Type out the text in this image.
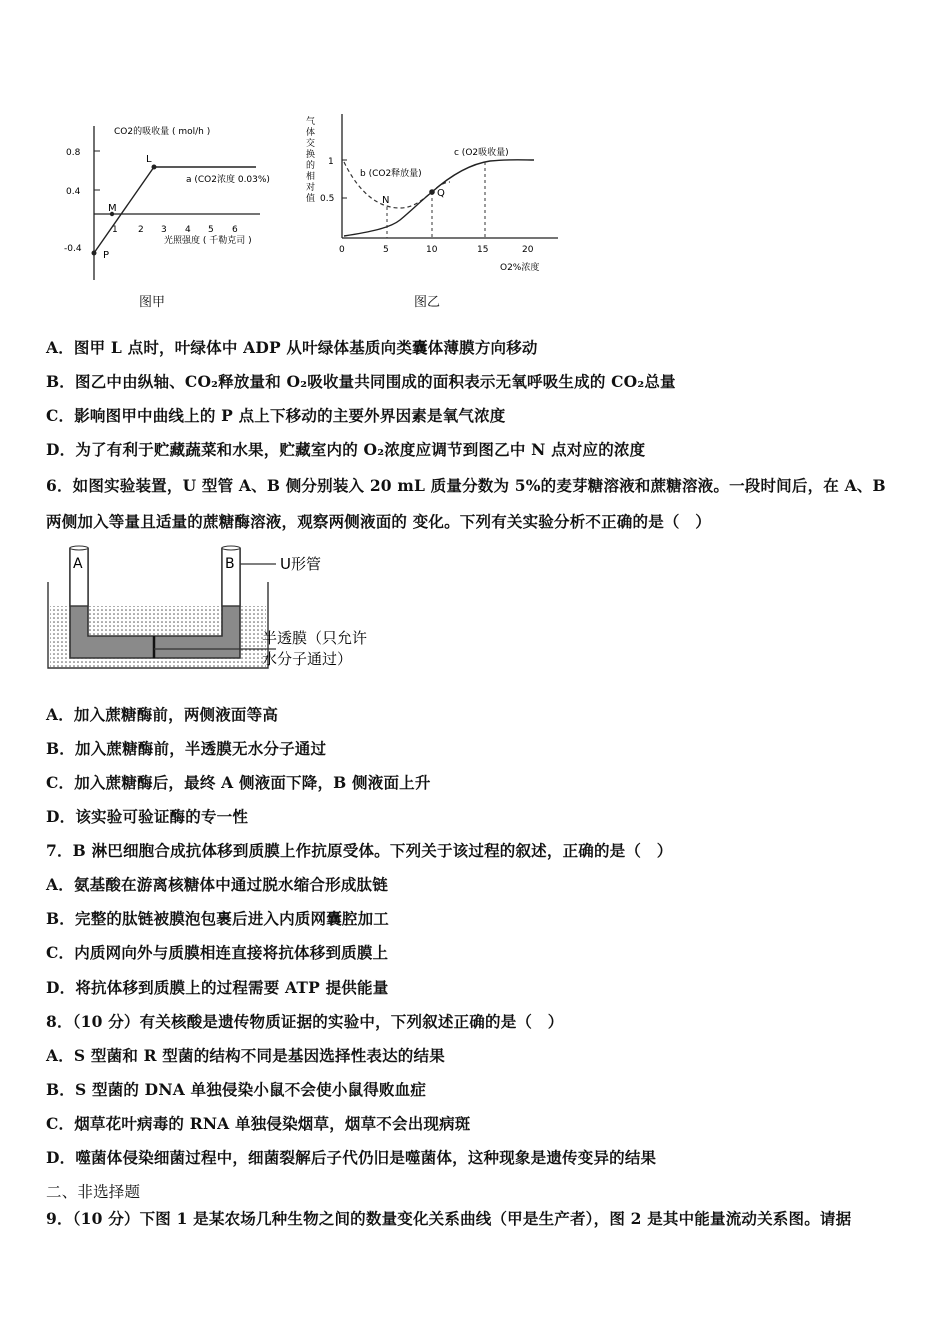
CO2的吸收量 ( mol/h )
0.8
0.4
-0.4
1 2 3 4 5 6
光照强度 ( 千勒克司 )
L
M
P
a (CO2浓度 0.03%)
图甲
气
体
交
换
的
相
对
值
1
0.5
0	5	10	15	20
O2%浓度
N
Q
b (CO2释放量)
c (O2吸收量)
图乙
A．图甲 L 点时，叶绿体中 ADP 从叶绿体基质向类囊体薄膜方向移动
B．图乙中由纵轴、CO₂释放量和 O₂吸收量共同围成的面积表示无氧呼吸生成的 CO₂总量
C．影响图甲中曲线上的 P 点上下移动的主要外界因素是氧气浓度
D．为了有利于贮藏蔬菜和水果，贮藏室内的 O₂浓度应调节到图乙中 N 点对应的浓度
6．如图实验装置，U 型管 A、B 侧分别装入 20 mL 质量分数为 5%的麦芽糖溶液和蔗糖溶液。一段时间后，在 A、B
两侧加入等量且适量的蔗糖酶溶液，观察两侧液面的 变化。下列有关实验分析不正确的是（　）
A	B	U形管
半透膜（只允许
水分子通过）
A．加入蔗糖酶前，两侧液面等高
B．加入蔗糖酶前，半透膜无水分子通过
C．加入蔗糖酶后，最终 A 侧液面下降，B 侧液面上升
D．该实验可验证酶的专一性
7．B 淋巴细胞合成抗体移到质膜上作抗原受体。下列关于该过程的叙述，正确的是（　）
A．氨基酸在游离核糖体中通过脱水缩合形成肽链
B．完整的肽链被膜泡包裹后进入内质网囊腔加工
C．内质网向外与质膜相连直接将抗体移到质膜上
D．将抗体移到质膜上的过程需要 ATP 提供能量
8．（10 分）有关核酸是遗传物质证据的实验中，下列叙述正确的是（　）
A．S 型菌和 R 型菌的结构不同是基因选择性表达的结果
B．S 型菌的 DNA 单独侵染小鼠不会使小鼠得败血症
C．烟草花叶病毒的 RNA 单独侵染烟草，烟草不会出现病斑
D．噬菌体侵染细菌过程中，细菌裂解后子代仍旧是噬菌体，这种现象是遗传变异的结果
二、非选择题
9．（10 分）下图 1 是某农场几种生物之间的数量变化关系曲线（甲是生产者），图 2 是其中能量流动关系图。请据
